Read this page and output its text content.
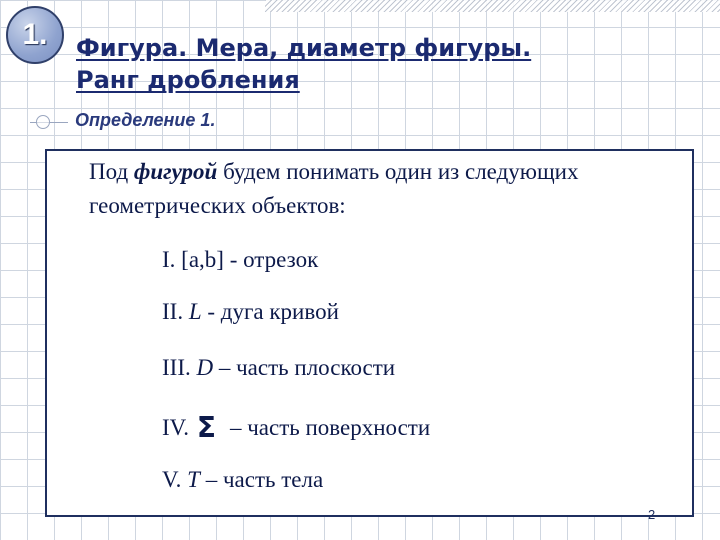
1. Фигура. Мера, диаметр фигуры.
Ранг дробления
Определение 1.
Под фигурой будем понимать один из следующих геометрических объектов:
I. [a,b] - отрезок
II. L - дуга кривой
III. D – часть плоскости
IV. Σ – часть поверхности
V. T – часть тела
2
